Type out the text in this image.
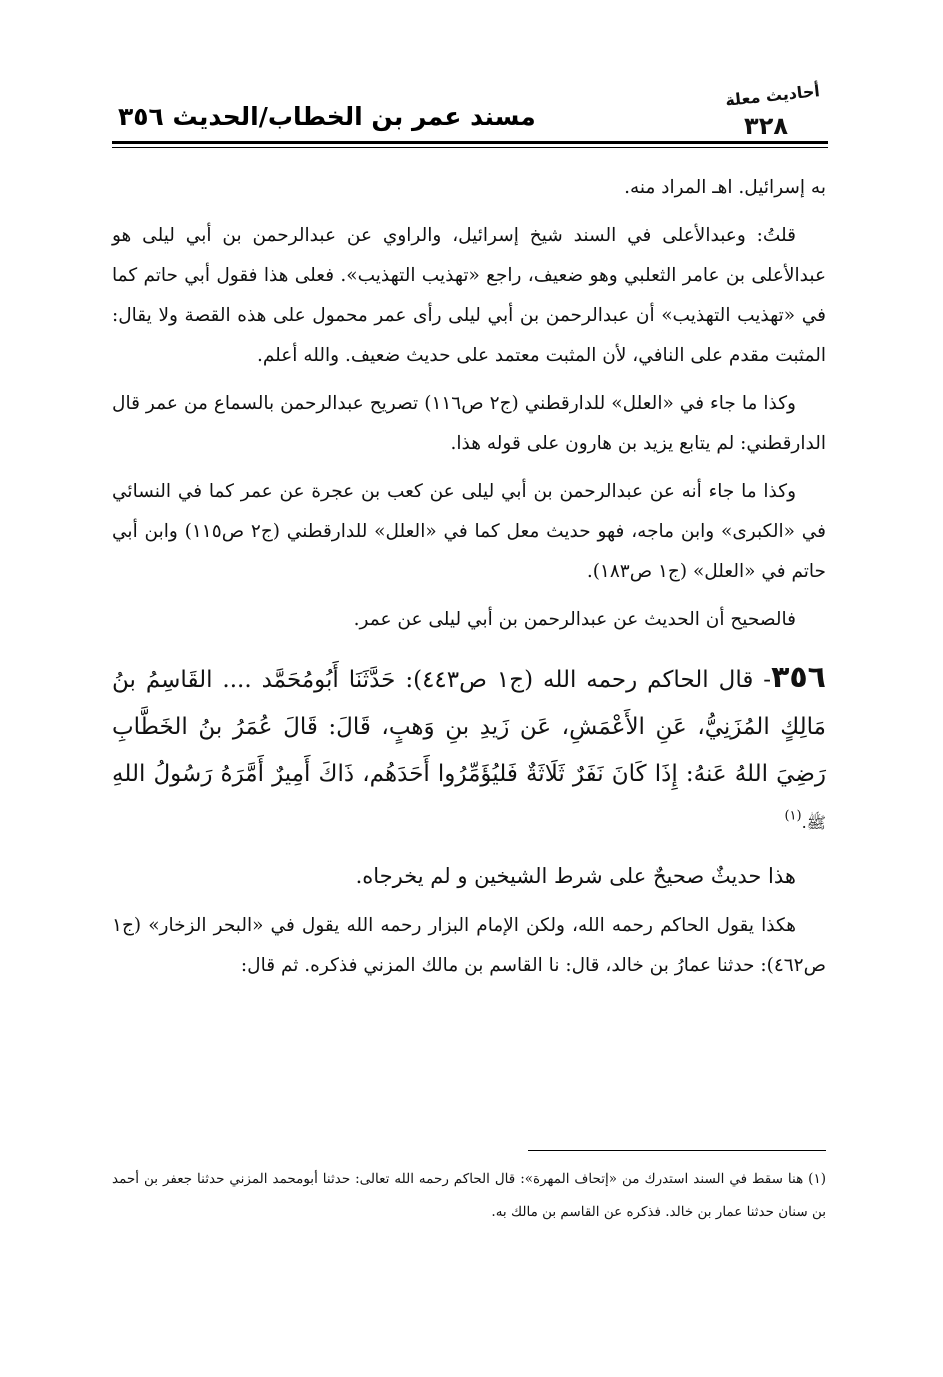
مسند عمر بن الخطاب/الحديث ٣٥٦
أحاديث معلة
٣٢٨

به إسرائيل. اهـ المراد منه.

قلتُ: وعبدالأعلى في السند شيخ إسرائيل، والراوي عن عبدالرحمن بن أبي ليلى هو عبدالأعلى بن عامر الثعلبي وهو ضعيف، راجع «تهذيب التهذيب». فعلى هذا فقول أبي حاتم كما في «تهذيب التهذيب» أن عبدالرحمن بن أبي ليلى رأى عمر محمول على هذه القصة ولا يقال: المثبت مقدم على النافي، لأن المثبت معتمد على حديث ضعيف. والله أعلم.

وكذا ما جاء في «العلل» للدارقطني (ج٢ ص١١٦) تصريح عبدالرحمن بالسماع من عمر قال الدارقطني: لم يتابع يزيد بن هارون على قوله هذا.

وكذا ما جاء أنه عن عبدالرحمن بن أبي ليلى عن كعب بن عجرة عن عمر كما في النسائي في «الكبرى» وابن ماجه، فهو حديث معل كما في «العلل» للدارقطني (ج٢ ص١١٥) وابن أبي حاتم في «العلل» (ج١ ص١٨٣).

فالصحيح أن الحديث عن عبدالرحمن بن أبي ليلى عن عمر.

٣٥٦- قال الحاكم رحمه الله (ج١ ص٤٤٣): حَدَّثَنَا أَبُومُحَمَّد .... القَاسِمُ بنُ مَالِكٍ المُزَنِيُّ، عَنِ الأَعْمَشِ، عَن زَيدِ بنِ وَهبٍ، قَالَ: قَالَ عُمَرُ بنُ الخَطَّابِ رَضِيَ اللهُ عَنهُ: إِذَا كَانَ نَفَرٌ ثَلَاثَةٌ فَليُؤَمِّرُوا أَحَدَهُم، ذَاكَ أَمِيرٌ أَمَّرَهُ رَسُولُ اللهِ ﷺ.$^{(١)}$

هذا حديثٌ صحيحٌ على شرط الشيخين و لم يخرجاه.

هكذا يقول الحاكم رحمه الله، ولكن الإمام البزار رحمه الله يقول في «البحر الزخار» (ج١ ص٤٦٢): حدثنا عمارُ بن خالد، قال: نا القاسم بن مالك المزني فذكره. ثم قال:

(١) هنا سقط في السند استدرك من «إتحاف المهرة»: قال الحاكم رحمه الله تعالى: حدثنا أبومحمد المزني حدثنا جعفر بن أحمد بن سنان حدثنا عمار بن خالد. فذكره عن القاسم بن مالك به.
